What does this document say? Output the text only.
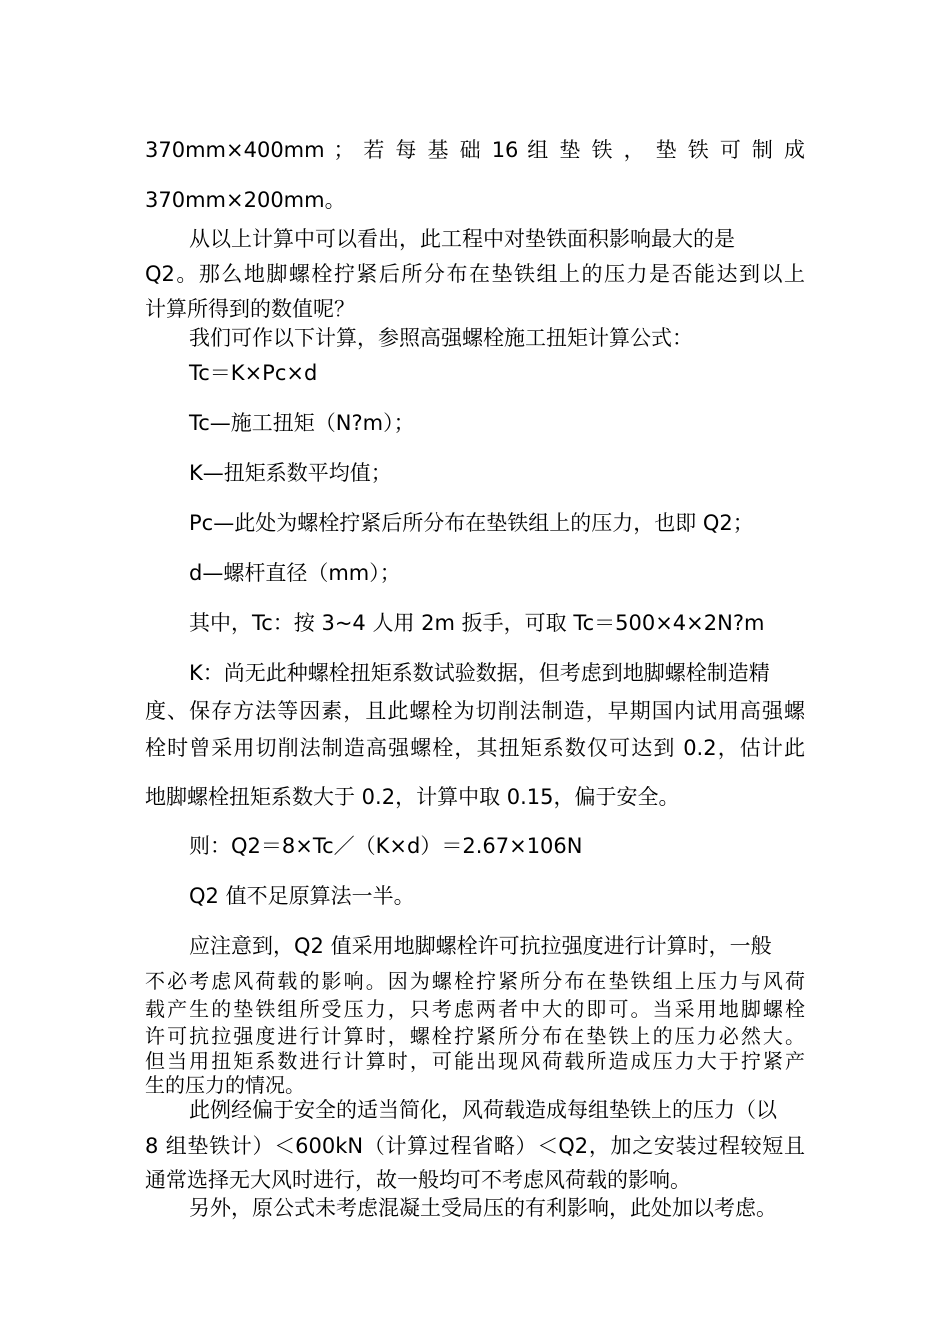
370mm×400mm ； 若 每 基 础 16 组 垫 铁 ， 垫 铁 可 制 成

370mm×200mm。

从以上计算中可以看出，此工程中对垫铁面积影响最大的是

Q2。那么地脚螺栓拧紧后所分布在垫铁组上的压力是否能达到以上

计算所得到的数值呢？

我们可作以下计算，参照高强螺栓施工扭矩计算公式：

Tc＝K×Pc×d

Tc—施工扭矩（N?m）；

K—扭矩系数平均值；

Pc—此处为螺栓拧紧后所分布在垫铁组上的压力，也即 Q2；

d—螺杆直径（mm）；

其中，Tc：按 3~4 人用 2m 扳手，可取 Tc＝500×4×2N?m

K：尚无此种螺栓扭矩系数试验数据，但考虑到地脚螺栓制造精

度、保存方法等因素，且此螺栓为切削法制造，早期国内试用高强螺

栓时曾采用切削法制造高强螺栓，其扭矩系数仅可达到 0.2，估计此

地脚螺栓扭矩系数大于 0.2，计算中取 0.15，偏于安全。

则：Q2＝8×Tc／（K×d）＝2.67×106N

Q2 值不足原算法一半。

应注意到，Q2 值采用地脚螺栓许可抗拉强度进行计算时，一般

不必考虑风荷载的影响。因为螺栓拧紧所分布在垫铁组上压力与风荷

载产生的垫铁组所受压力，只考虑两者中大的即可。当采用地脚螺栓

许可抗拉强度进行计算时，螺栓拧紧所分布在垫铁上的压力必然大。

但当用扭矩系数进行计算时，可能出现风荷载所造成压力大于拧紧产

生的压力的情况。

此例经偏于安全的适当简化，风荷载造成每组垫铁上的压力（以

8 组垫铁计）＜600kN（计算过程省略）＜Q2，加之安装过程较短且

通常选择无大风时进行，故一般均可不考虑风荷载的影响。

另外，原公式未考虑混凝土受局压的有利影响，此处加以考虑。
